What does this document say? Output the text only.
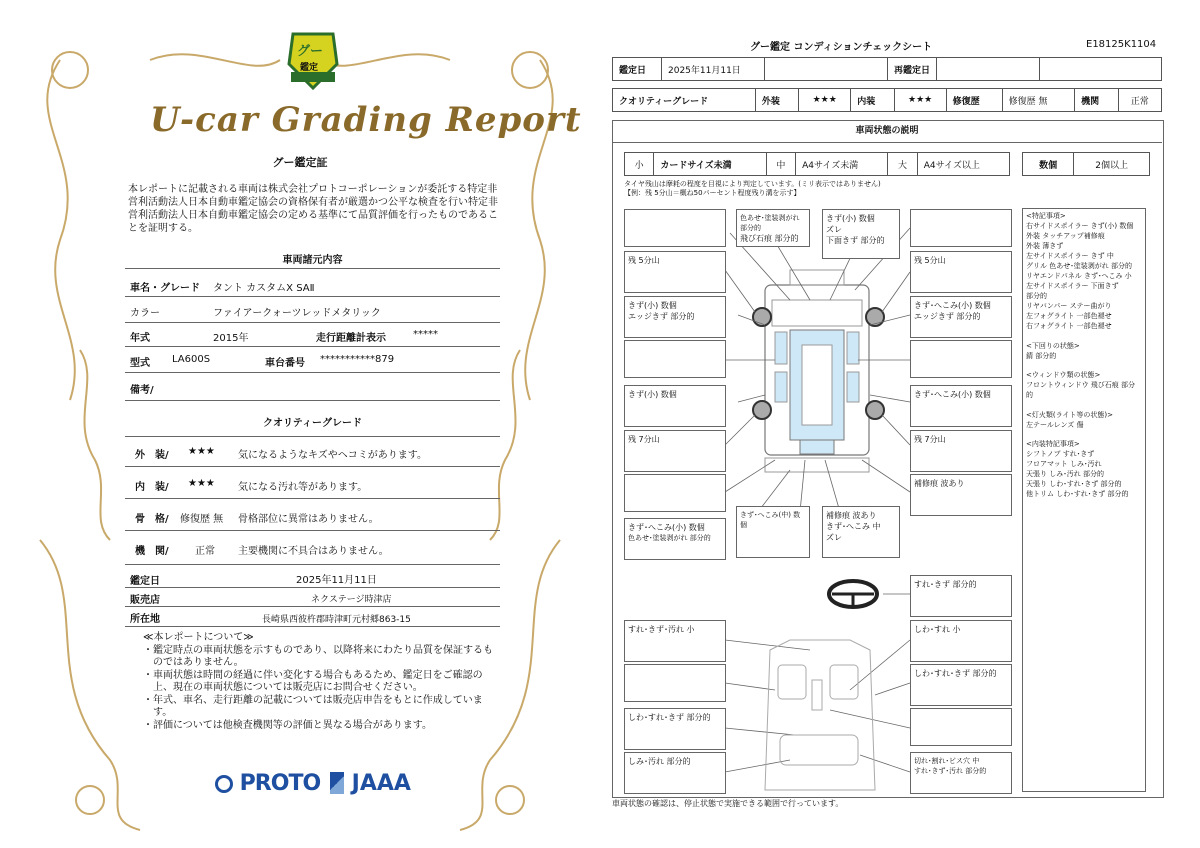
グー
鑑定
U-car Grading Report
グー鑑定証
本レポートに記載される車両は株式会社プロトコーポレーションが委託する特定非営利活動法人日本自動車鑑定協会の資格保有者が厳選かつ公平な検査を行い特定非営利活動法人日本自動車鑑定協会の定める基準にて品質評価を行ったものであることを証明する。
車両諸元内容
車名・グレード タント カスタムX SAⅡ
カラー	ファイアークォーツレッドメタリック
年式	2015年	走行距離計表示	*****
型式 LA600S	車台番号 ***********879
備考/
クオリティーグレード
外　装/ ★★★ 気になるようなキズやヘコミがあります。
内　装/ ★★★ 気になる汚れ等があります。
骨　格/ 修復歴 無 骨格部位に異常はありません。
機　関/	正常 主要機関に不具合はありません。
鑑定日	2025年11月11日
販売店	ネクステージ時津店
所在地	長崎県西彼杵郡時津町元村郷863-15
≪本レポートについて≫
・鑑定時点の車両状態を示すものであり、以降将来にわたり品質を保証するものではありません。
・車両状態は時間の経過に伴い変化する場合もあるため、鑑定日をご確認の上、現在の車両状態については販売店にお問合せください。
・年式、車名、走行距離の記載については販売店申告をもとに作成しています。
・評価については他検査機関等の評価と異なる場合があります。
PROTO	JAAA
グー鑑定 コンディションチェックシート	E18125K1104
鑑定日	2025年11月11日		再鑑定日		
クオリティーグレード	外装	★★★	内装	★★★	修復歴	修復歴 無	機関	正常
車両状態の説明
小	カードサイズ未満	中	A4サイズ未満	大	A4サイズ以上	数個	2個以上
タイヤ残山は摩耗の程度を目視により判定しています。(ミリ表示ではありません)
【例：残 5分山＝概ね50パーセント程度残り溝を示す】
色あせ･塗装剥がれ 部分的
飛び石痕 部分的
きず(小) 数個
ズレ
下面きず 部分的
残 5分山
きず(小) 数個
エッジきず 部分的
きず(小) 数個
残 7分山
きず･へこみ(小) 数個
色あせ･塗装剥がれ 部分的
きず･へこみ(中) 数個
補修痕 波あり
きず･へこみ 中
ズレ
残 5分山
きず･へこみ(小) 数個
エッジきず 部分的
きず･へこみ(小) 数個
残 7分山
補修痕 波あり
すれ･きず 部分的
すれ･きず･汚れ 小
しわ･すれ･きず 部分的
しみ･汚れ 部分的
しわ･すれ 小
しわ･すれ･きず 部分的
切れ･割れ･ビス穴 中
すれ･きず･汚れ 部分的
<特記事項>
右サイドスポイラー きず(小) 数個
外装 タッチアップ補修痕
外装 薄きず
左サイドスポイラー きず 中
グリル 色あせ･塗装剥がれ 部分的
リヤエンドパネル きず･へこみ 小
左サイドスポイラー 下面きず
部分的
リヤバンパー ステー曲がり
左フォグライト 一部色褪せ
右フォグライト 一部色褪せ
<下回りの状態>
錆 部分的
<ウィンドウ類の状態>
フロントウィンドウ 飛び石痕 部分的
<灯火類(ライト等の状態)>
左テールレンズ 傷
<内装特記事項>
シフトノブ すれ･きず
フロアマット しみ･汚れ
天張り しみ･汚れ 部分的
天張り しわ･すれ･きず 部分的
他トリム しわ･すれ･きず 部分的
車両状態の確認は、停止状態で実施できる範囲で行っています。
